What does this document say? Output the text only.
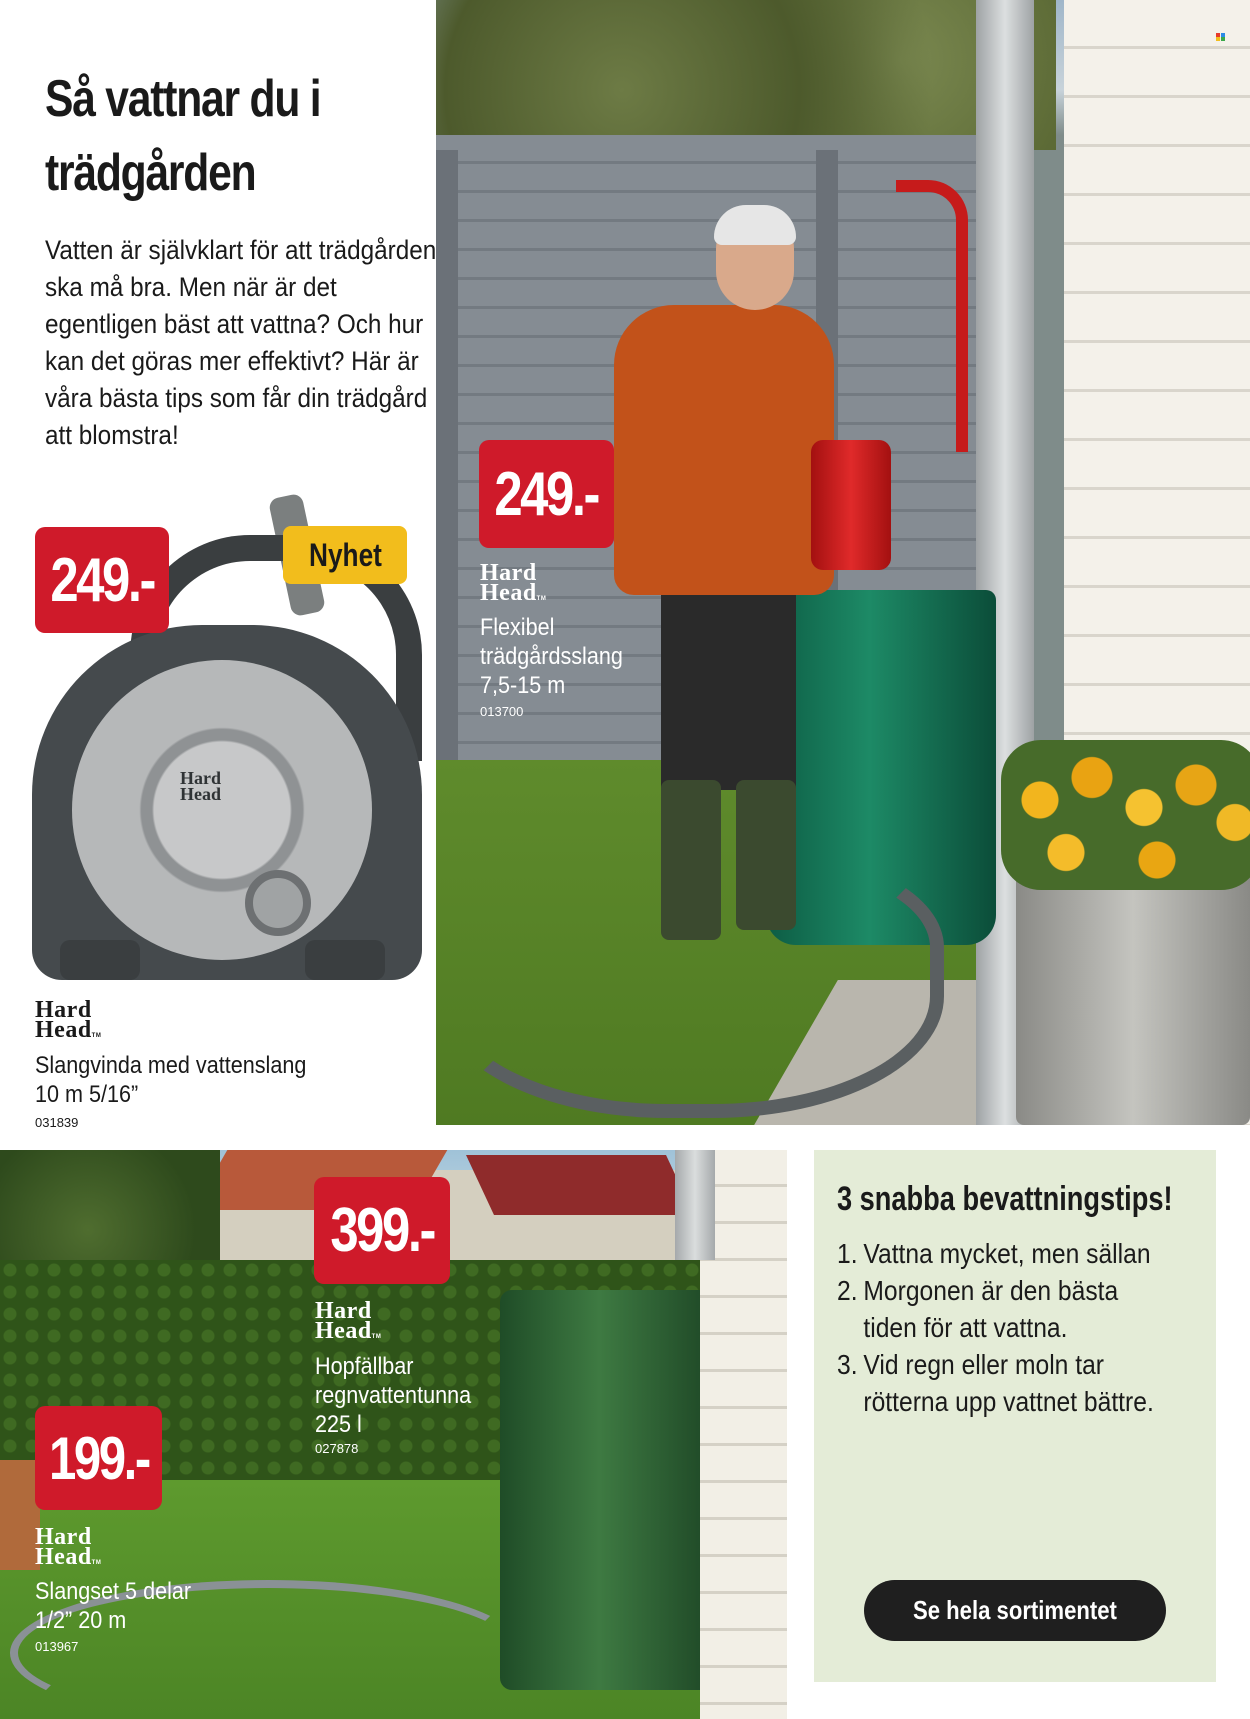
Så vattnar du i trädgården

Vatten är självklart för att trädgården ska må bra. Men när är det egentligen bäst att vattna? Och hur kan det göras mer effektivt? Här är våra bästa tips som får din trädgård att blomstra!

Hard
Head
249.-	Nyhet
Hard
HeadTM

Slangvinda med vattenslang

10 m 5/16”

031839

249.-
Hard
HeadTM

Flexibel

trädgårdsslang

7,5-15 m

013700

399.-
Hard
HeadTM

Hopfällbar

regnvattentunna

225 l

027878

199.-
Hard
HeadTM

Slangset 5 delar

1/2” 20 m

013967

3 snabba bevattningstips!
1. Vattna mycket, men sällan
2. Morgonen är den bästa tiden för att vattna.
3. Vid regn eller moln tar rötterna upp vattnet bättre.
Se hela sortimentet
